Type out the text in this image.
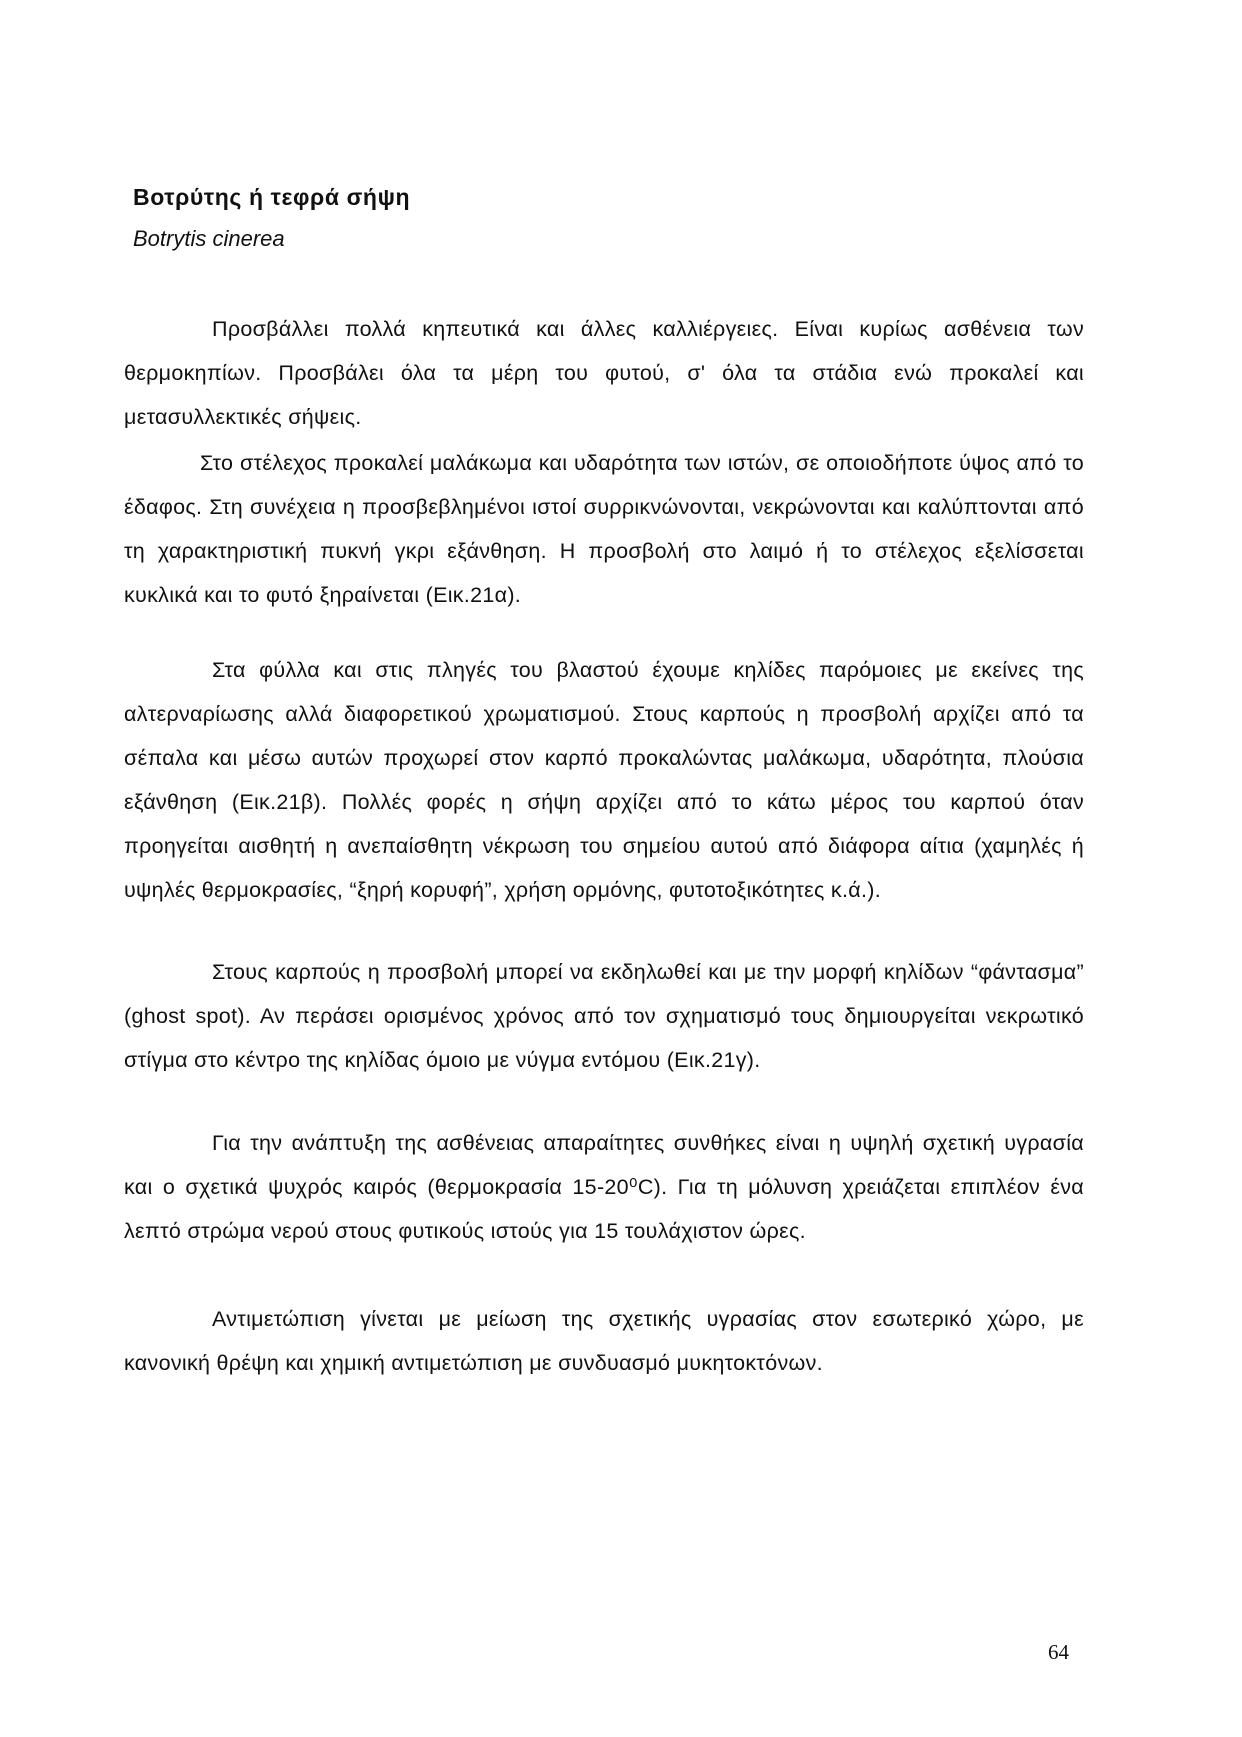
Βοτρύτης ή τεφρά σήψη
Botrytis cinerea

Προσβάλλει πολλά κηπευτικά και άλλες καλλιέργειες. Είναι κυρίως ασθένεια των θερμοκηπίων. Προσβάλει όλα τα μέρη του φυτού, σ' όλα τα στάδια ενώ προκαλεί και μετασυλλεκτικές σήψεις.

Στο στέλεχος προκαλεί μαλάκωμα και υδαρότητα των ιστών, σε οποιοδήποτε ύψος από το έδαφος. Στη συνέχεια η προσβεβλημένοι ιστοί συρρικνώνονται, νεκρώνονται και καλύπτονται από τη χαρακτηριστική πυκνή γκρι εξάνθηση. Η προσβολή στο λαιμό ή το στέλεχος εξελίσσεται κυκλικά και το φυτό ξηραίνεται (Εικ.21α).

Στα φύλλα και στις πληγές του βλαστού έχουμε κηλίδες παρόμοιες με εκείνες της αλτερναρίωσης αλλά διαφορετικού χρωματισμού. Στους καρπούς η προσβολή αρχίζει από τα σέπαλα και μέσω αυτών προχωρεί στον καρπό προκαλώντας μαλάκωμα, υδαρότητα, πλούσια εξάνθηση (Εικ.21β). Πολλές φορές η σήψη αρχίζει από το κάτω μέρος του καρπού όταν προηγείται αισθητή η ανεπαίσθητη νέκρωση του σημείου αυτού από διάφορα αίτια (χαμηλές ή υψηλές θερμοκρασίες, “ξηρή κορυφή”, χρήση ορμόνης, φυτοτοξικότητες κ.ά.).

Στους καρπούς η προσβολή μπορεί να εκδηλωθεί και με την μορφή κηλίδων “φάντασμα” (ghost spot). Αν περάσει ορισμένος χρόνος από τον σχηματισμό τους δημιουργείται νεκρωτικό στίγμα στο κέντρο της κηλίδας όμοιο με νύγμα εντόμου (Εικ.21γ).

Για την ανάπτυξη της ασθένειας απαραίτητες συνθήκες είναι η υψηλή σχετική υγρασία και ο σχετικά ψυχρός καιρός (θερμοκρασία 15-20⁰C). Για τη μόλυνση χρειάζεται επιπλέον ένα λεπτό στρώμα νερού στους φυτικούς ιστούς για 15 τουλάχιστον ώρες.

Αντιμετώπιση γίνεται με μείωση της σχετικής υγρασίας στον εσωτερικό χώρο, με κανονική θρέψη και χημική αντιμετώπιση με συνδυασμό μυκητοκτόνων.

64
